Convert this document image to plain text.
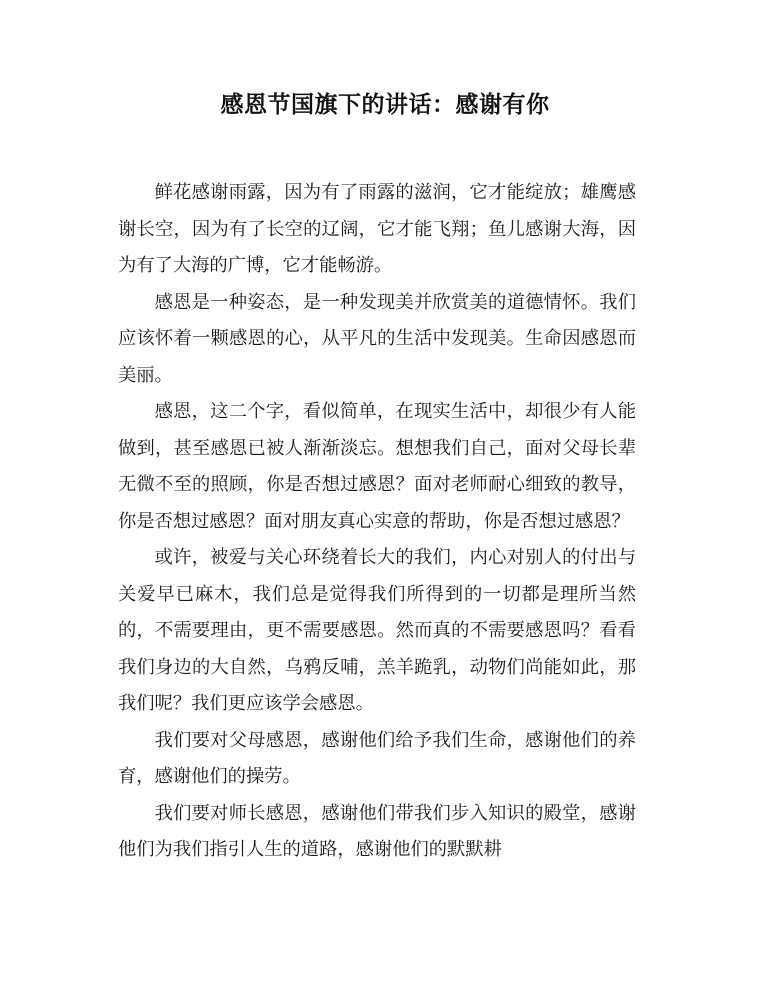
感恩节国旗下的讲话：感谢有你

鲜花感谢雨露，因为有了雨露的滋润，它才能绽放；雄鹰感谢长空，因为有了长空的辽阔，它才能飞翔；鱼儿感谢大海，因为有了大海的广博，它才能畅游。

感恩是一种姿态，是一种发现美并欣赏美的道德情怀。我们应该怀着一颗感恩的心，从平凡的生活中发现美。生命因感恩而美丽。

感恩，这二个字，看似简单，在现实生活中，却很少有人能做到，甚至感恩已被人渐渐淡忘。想想我们自己，面对父母长辈无微不至的照顾，你是否想过感恩？面对老师耐心细致的教导，你是否想过感恩？面对朋友真心实意的帮助，你是否想过感恩？

或许，被爱与关心环绕着长大的我们，内心对别人的付出与关爱早已麻木，我们总是觉得我们所得到的一切都是理所当然的，不需要理由，更不需要感恩。然而真的不需要感恩吗？看看我们身边的大自然，乌鸦反哺，羔羊跪乳，动物们尚能如此，那我们呢？我们更应该学会感恩。

我们要对父母感恩，感谢他们给予我们生命，感谢他们的养育，感谢他们的操劳。

我们要对师长感恩，感谢他们带我们步入知识的殿堂，感谢他们为我们指引人生的道路，感谢他们的默默耕
